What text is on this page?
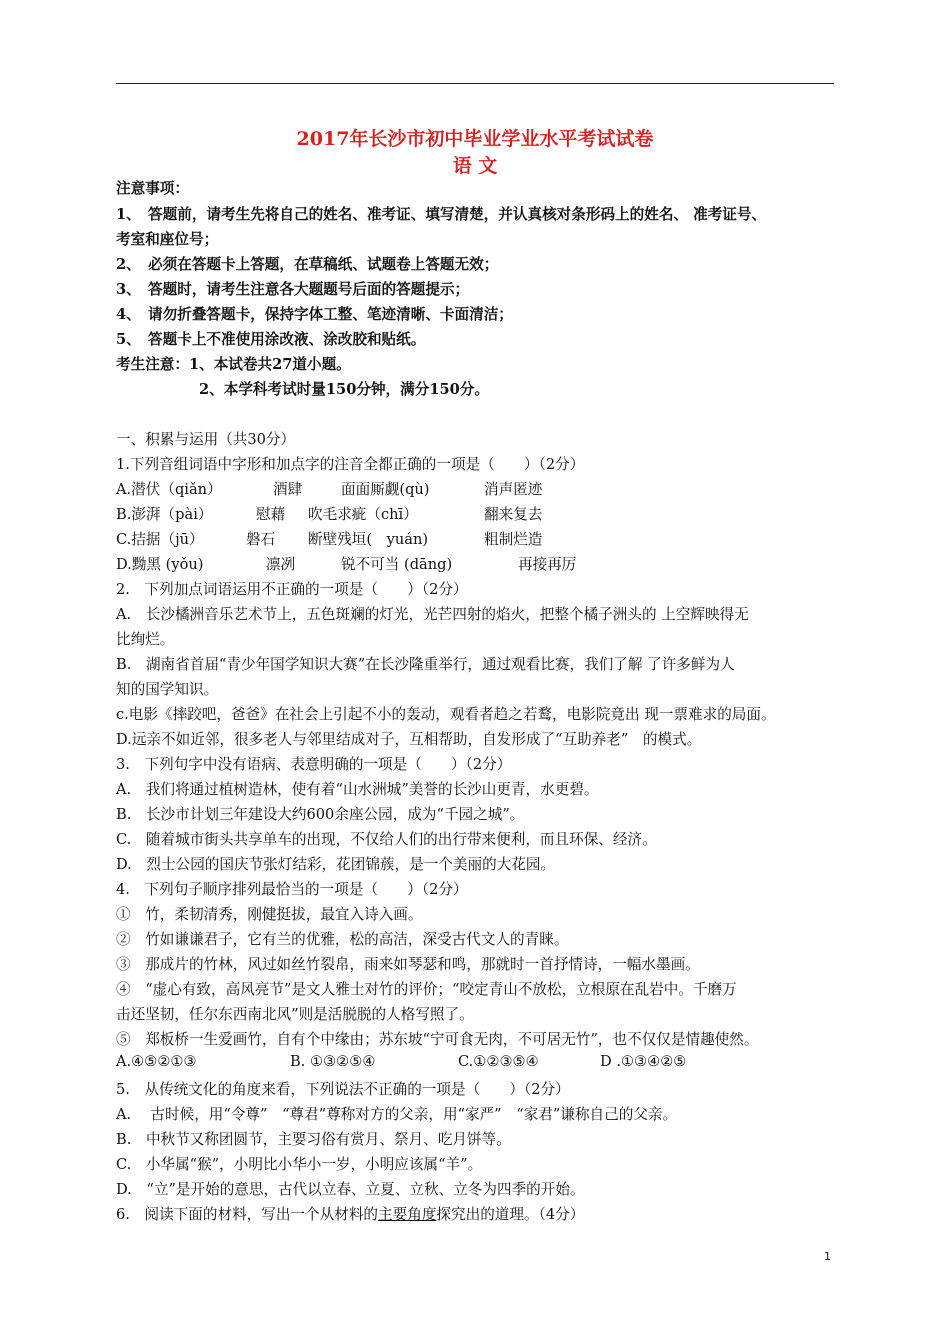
2017年长沙市初中毕业学业水平考试试卷
语 文
注意事项：
1、　答题前，请考生先将自己的姓名、准考证、填写清楚，并认真核对条形码上的姓名、 准考证号、
考室和座位号；
2、　必须在答题卡上答题，在草稿纸、试题卷上答题无效；
3、　答题时，请考生注意各大题题号后面的答题提示；
4、　请勿折叠答题卡，保持字体工整、笔迹清晰、卡面清洁；
5、　答题卡上不准使用涂改液、涂改胶和贴纸。
考生注意：1、本试卷共27道小题。
2、本学科考试时量150分钟，满分150分。
一、积累与运用（共30分）
1.下列音组词语中字形和加点字的注音全都正确的一项是（　　）（2分）
A.潜伏（qiǎn）	酒肆	面面厮觑(qù)	消声匿迹
B.澎湃（pài）	慰藉 吹毛求疵（chī）	翻来复去
C.拮据（jū）	磐石 断壁残垣(　yuán)	粗制烂造
D.黝黑 (yǒu)	凛冽	锐不可当 (dāng)	再接再厉
2.　下列加点词语运用不正确的一项是（　　）（2分）
A.　长沙橘洲音乐艺术节上，五色斑斓的灯光，光芒四射的焰火，把整个橘子洲头的 上空辉映得无
比绚烂。
B.　湖南省首届“青少年国学知识大赛”在长沙隆重举行，通过观看比赛，我们了解 了许多鲜为人
知的国学知识。
c.电影《摔跤吧，爸爸》在社会上引起不小的轰动，观看者趋之若鹜，电影院竟出 现一票难求的局面。
D.远亲不如近邻，很多老人与邻里结成对子，互相帮助，自发形成了“互助养老”　的模式。
3.　下列句字中没有语病、表意明确的一项是（　　）（2分）
A.　我们将通过植树造林，使有着“山水洲城”美誉的长沙山更青，水更碧。
B.　长沙市计划三年建设大约600余座公园，成为“千园之城”。
C.　随着城市街头共享单车的出现，不仅给人们的出行带来便利，而且环保、经济。
D.　烈士公园的国庆节张灯结彩，花团锦蔟，是一个美丽的大花园。
4.　下列句子顺序排列最恰当的一项是（　　）（2分）
①　竹，柔韧清秀，刚健挺拔，最宜入诗入画。
②　竹如谦谦君子，它有兰的优雅，松的高洁，深受古代文人的青睐。
③　那成片的竹林，风过如丝竹裂帛，雨来如琴瑟和鸣，那就时一首抒情诗，一幅水墨画。
④　“虚心有致，高风亮节”是文人雅士对竹的评价；“咬定青山不放松，立根原在乱岩中。千磨万
击还坚韧，任尔东西南北风”则是活脱脱的人格写照了。
⑤　郑板桥一生爱画竹，自有个中缘由；苏东坡“宁可食无肉，不可居无竹”，也不仅仅是情趣使然。
A.④⑤②①③	B. ①③②⑤④	C.①②③⑤④	D .①③④②⑤
5.　从传统文化的角度来看，下列说法不正确的一项是（　　）（2分）
A.　 古时候，用“令尊”　“尊君”尊称对方的父亲，用“家严”　“家君”谦称自己的父亲。
B.　中秋节又称团圆节，主要习俗有赏月、祭月、吃月饼等。
C.　小华属“猴”，小明比小华小一岁，小明应该属“羊”。
D.　“立”是开始的意思，古代以立春、立夏、立秋、立冬为四季的开始。
6.　阅读下面的材料，写出一个从材料的主要角度探究出的道理。（4分）
1
